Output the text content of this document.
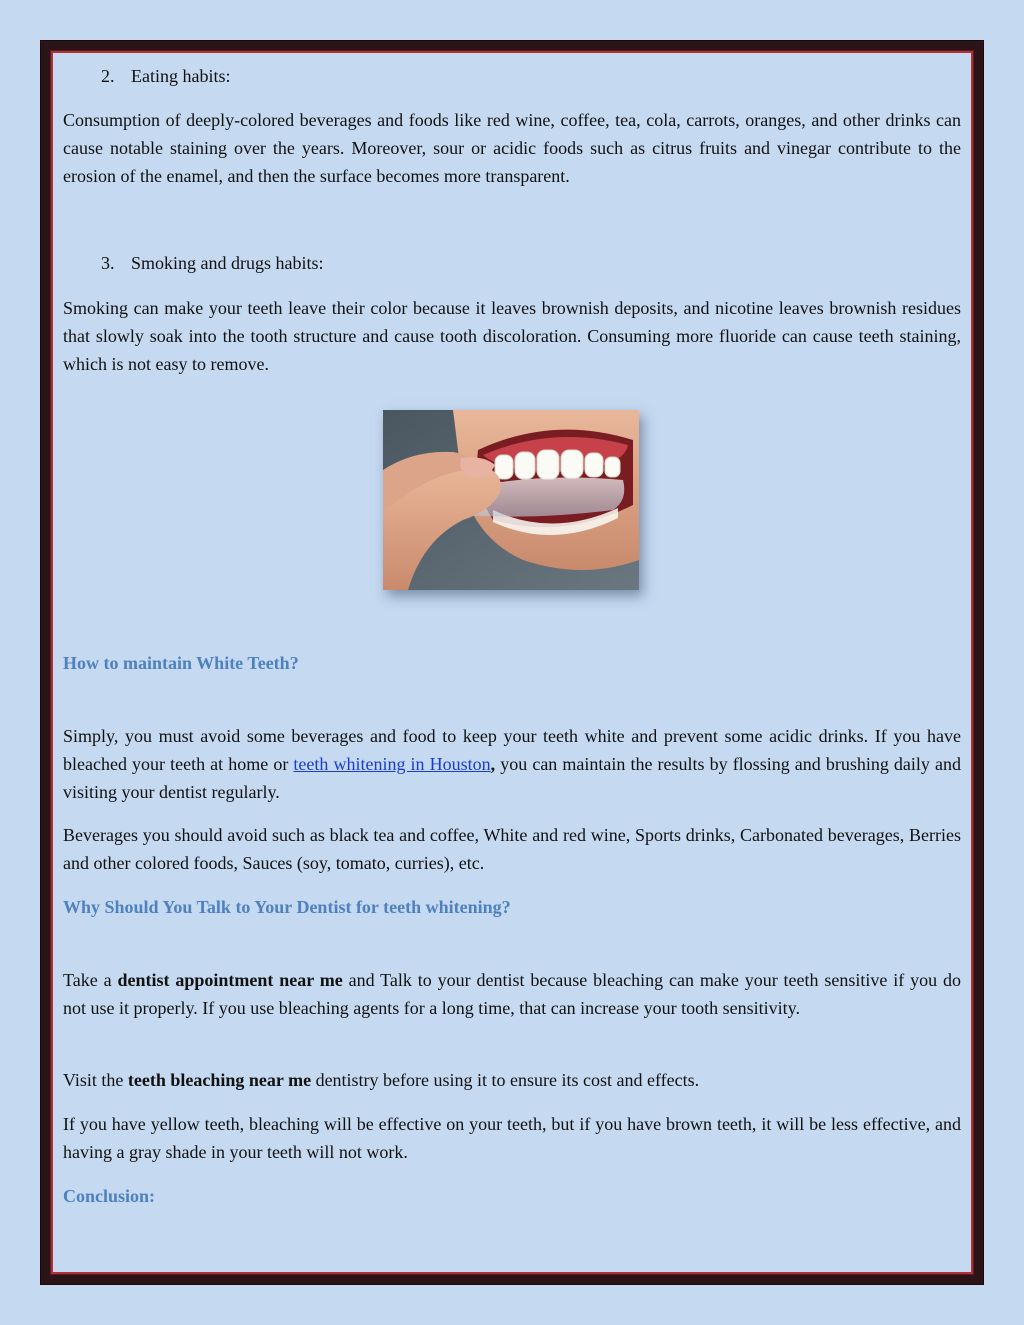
2. Eating habits:
Consumption of deeply-colored beverages and foods like red wine, coffee, tea, cola, carrots, oranges, and other drinks can cause notable staining over the years. Moreover, sour or acidic foods such as citrus fruits and vinegar contribute to the erosion of the enamel, and then the surface becomes more transparent.
3. Smoking and drugs habits:
Smoking can make your teeth leave their color because it leaves brownish deposits, and nicotine leaves brownish residues that slowly soak into the tooth structure and cause tooth discoloration. Consuming more fluoride can cause teeth staining, which is not easy to remove.
How to maintain White Teeth?
Simply, you must avoid some beverages and food to keep your teeth white and prevent some acidic drinks. If you have bleached your teeth at home or teeth whitening in Houston, you can maintain the results by flossing and brushing daily and visiting your dentist regularly.
Beverages you should avoid such as black tea and coffee, White and red wine, Sports drinks, Carbonated beverages, Berries and other colored foods, Sauces (soy, tomato, curries), etc.
Why Should You Talk to Your Dentist for teeth whitening?
Take a dentist appointment near me and Talk to your dentist because bleaching can make your teeth sensitive if you do not use it properly. If you use bleaching agents for a long time, that can increase your tooth sensitivity.
Visit the teeth bleaching near me dentistry before using it to ensure its cost and effects.
If you have yellow teeth, bleaching will be effective on your teeth, but if you have brown teeth, it will be less effective, and having a gray shade in your teeth will not work.
Conclusion:
